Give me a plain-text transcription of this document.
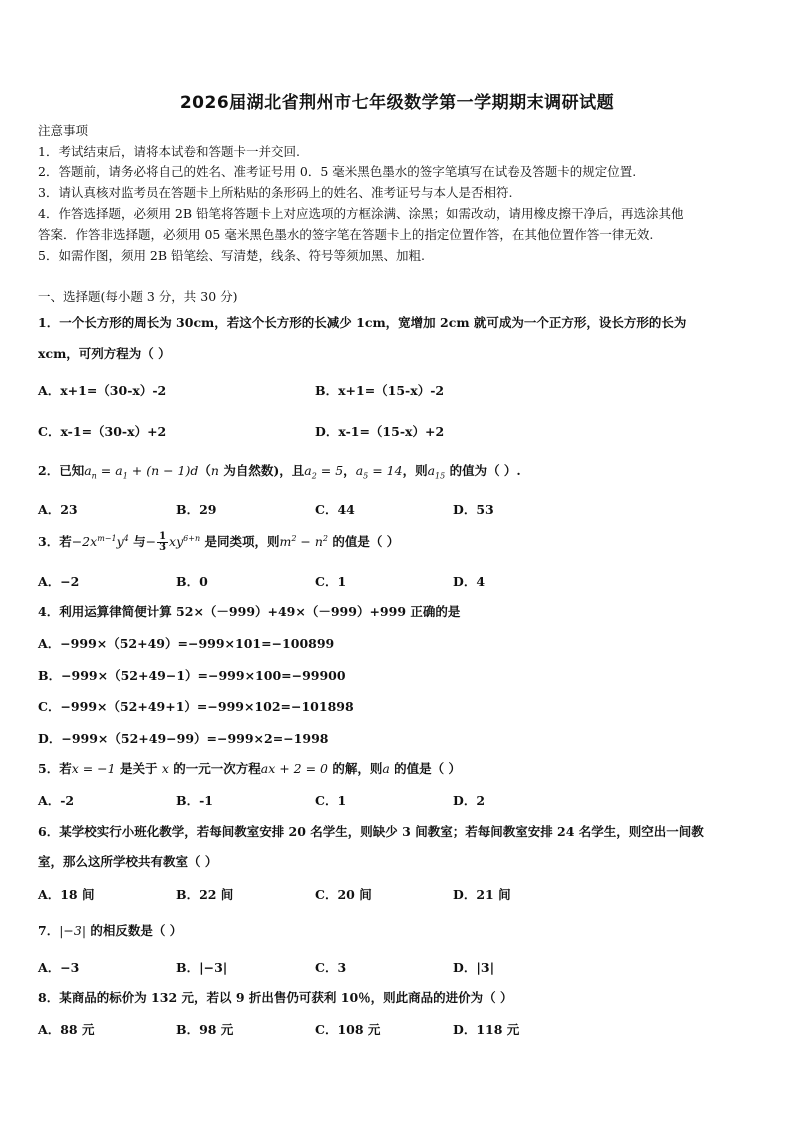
2026届湖北省荆州市七年级数学第一学期期末调研试题
注意事项
1．考试结束后，请将本试卷和答题卡一并交回.
2．答题前，请务必将自己的姓名、准考证号用 0．5 毫米黑色墨水的签字笔填写在试卷及答题卡的规定位置.
3．请认真核对监考员在答题卡上所粘贴的条形码上的姓名、准考证号与本人是否相符.
4．作答选择题，必须用 2B 铅笔将答题卡上对应选项的方框涂满、涂黑；如需改动，请用橡皮擦干净后，再选涂其他
答案．作答非选择题，必须用 05 毫米黑色墨水的签字笔在答题卡上的指定位置作答，在其他位置作答一律无效.
5．如需作图，须用 2B 铅笔绘、写清楚，线条、符号等须加黑、加粗.
一、选择题(每小题 3 分，共 30 分)
1．一个长方形的周长为 30cm，若这个长方形的长减少 1cm，宽增加 2cm 就可成为一个正方形，设长方形的长为
xcm，可列方程为（ ）
A．x+1=（30-x）-2	B．x+1=（15-x）-2
C．x-1=（30-x）+2	D．x-1=（15-x）+2
2．已知$a_n = a_1 + (n - 1)d(n$ 为自然数)，且$a_2 = 5$，$a_5 = 14$，则$a_{15}$ 的值为（ ）.
A．23	B．29	C．44	D．53
3．若$-2x^{m-1}y^4$ 与− $\frac{1}{3} xy^{6+n}$ 是同类项，则$m^2 - n^2$ 的值是（ ）
A．−2	B．0	C．1	D．4
4．利用运算律简便计算 52×（－999）+49×（－999）+999 正确的是
A．−999×（52+49）=−999×101=−100899
B．−999×（52+49−1）=−999×100=−99900
C．−999×（52+49+1）=−999×102=−101898
D．−999×（52+49−99）=−999×2=−1998
5．若x = −1 是关于 x 的一元一次方程ax + 2 = 0 的解，则a 的值是（ ）
A．-2	B．-1	C．1	D．2
6．某学校实行小班化教学，若每间教室安排 20 名学生，则缺少 3 间教室；若每间教室安排 24 名学生，则空出一间教
室，那么这所学校共有教室（ ）
A．18 间	B．22 间	C．20 间	D．21 间
7．|−3| 的相反数是（ ）
A．−3	B．|−3|	C．3	D．|3|
8．某商品的标价为 132 元，若以 9 折出售仍可获利 10％，则此商品的进价为（ ）
A．88 元	B．98 元	C．108 元	D．118 元
